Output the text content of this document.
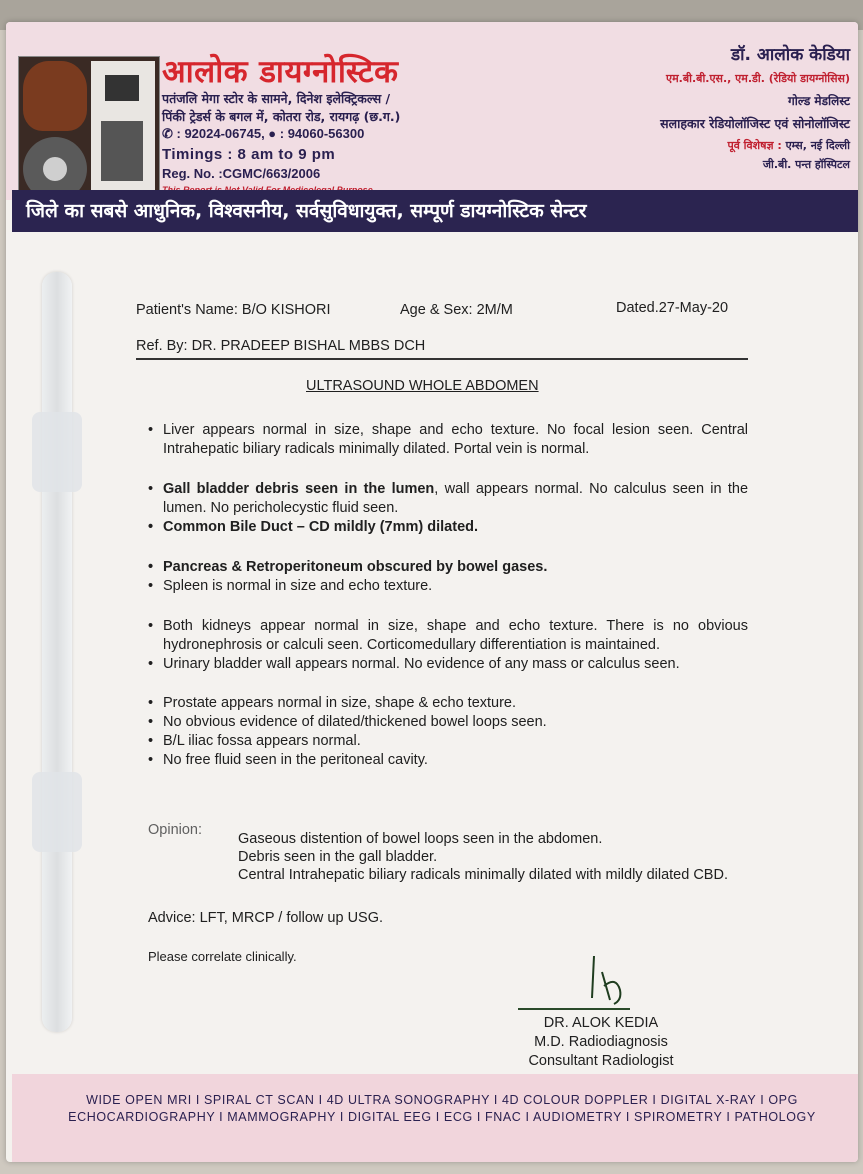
आलोक डायग्नोस्टिक
पतंजलि मेगा स्टोर के सामने, दिनेश इलेक्ट्रिकल्स /
पिंकी ट्रेडर्स के बगल में, कोतरा रोड, रायगढ़ (छ.ग.)
✆ : 92024-06745, ● : 94060-56300
Timings : 8 am to 9 pm
Reg. No. :CGMC/663/2006
डॉ. आलोक केडिया
एम.बी.बी.एस., एम.डी. (रेडियो डायग्नोसिस)
गोल्ड मेडलिस्ट
सलाहकार रेडियोलॉजिस्ट एवं सोनोलॉजिस्ट
पूर्व विशेषज्ञ : एम्स, नई दिल्ली
जी.बी. पन्त हॉस्पिटल
जिले का सबसे आधुनिक, विश्वसनीय, सर्वसुविधायुक्त, सम्पूर्ण डायग्नोस्टिक सेन्टर
Patient's Name: B/O KISHORI	Age & Sex: 2M/M	Dated.27-May-20
Ref. By: DR. PRADEEP BISHAL MBBS DCH
ULTRASOUND WHOLE ABDOMEN
• Liver appears normal in size, shape and echo texture. No focal lesion seen. Central Intrahepatic biliary radicals minimally dilated. Portal vein is normal.
• Gall bladder debris seen in the lumen, wall appears normal. No calculus seen in the lumen. No pericholecystic fluid seen.
• Common Bile Duct – CD mildly (7mm) dilated.
• Pancreas & Retroperitoneum obscured by bowel gases.
• Spleen is normal in size and echo texture.
• Both kidneys appear normal in size, shape and echo texture. There is no obvious hydronephrosis or calculi seen. Corticomedullary differentiation is maintained.
• Urinary bladder wall appears normal. No evidence of any mass or calculus seen.
• Prostate appears normal in size, shape & echo texture.
• No obvious evidence of dilated/thickened bowel loops seen.
• B/L iliac fossa appears normal.
• No free fluid seen in the peritoneal cavity.
Opinion:
Gaseous distention of bowel loops seen in the abdomen.
Debris seen in the gall bladder.
Central Intrahepatic biliary radicals minimally dilated with mildly dilated CBD.
Advice: LFT, MRCP / follow up USG.
Please correlate clinically.
DR. ALOK KEDIA
M.D. Radiodiagnosis
Consultant Radiologist
WIDE OPEN MRI I SPIRAL CT SCAN I 4D ULTRA SONOGRAPHY I 4D COLOUR DOPPLER I DIGITAL X-RAY I OPG
ECHOCARDIOGRAPHY I MAMMOGRAPHY I DIGITAL EEG I ECG I FNAC I AUDIOMETRY I SPIROMETRY I PATHOLOGY
